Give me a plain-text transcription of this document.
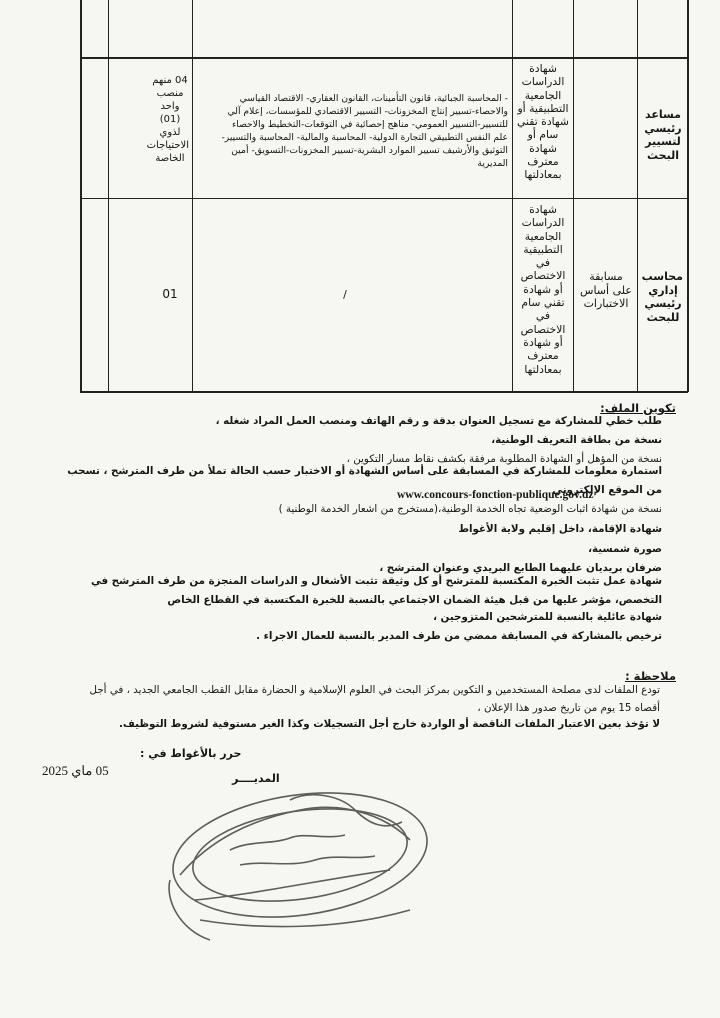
مساعد رئيسي لتسيير البحث
شهادة الدراسات الجامعية التطبيقية أو شهادة تقني سام أو شهادة معترف بمعادلتها
- المحاسبة الجبائية، قانون التأمينات، القانون العقاري- الاقتصاد القياسي والاحصاء-تسيير إنتاج المخزونات- التسيير الاقتصادي للمؤسسات، إعلام آلي للتسيير-التسيير العمومي- مناهج إحصائية في التوقعات-التخطيط والاحصاء علم النفس التطبيقي التجارة الدولية- المحاسبة والمالية- المحاسبة والتسيير-التوثيق والأرشيف تسيير الموارد البشرية-تسيير المخزونات-التسويق- أمين المديرية
04 منهم منصب واحد (01) لذوي الاحتياجات الخاصة
محاسب إداري رئيسي للبحث
مسابقة على أساس الاختبارات
شهادة الدراسات الجامعية التطبيقية في الاختصاص أو شهادة تقني سام في الاختصاص أو شهادة معترف بمعادلتها
/
01
تكوين الملف:
طلب خطي للمشاركة مع تسجيل العنوان بدقة و رقم الهاتف ومنصب العمل المراد شغله ،
نسخة من بطاقة التعريف الوطنية،
نسخة من المؤهل أو الشهادة المطلوبة مرفقة بكشف نقاط مسار التكوين ،
استمارة معلومات للمشاركة في المسابقة على أساس الشهادة أو الاختبار حسب الحالة تملأ من طرف المترشح ، تسحب من الموقع الإلكتروني
www.concours-fonction-publique.gov.dz
نسخة من شهادة اثبات الوضعية تجاه الخدمة الوطنية،(مستخرج من اشعار الخدمة الوطنية )
شهادة الإقامة، داخل إقليم ولاية الأغواط
صورة شمسية،
ضرفان بريديان عليهما الطابع البريدي وعنوان المترشح ،
شهادة عمل تثبت الخبرة المكتسبة للمترشح أو كل وثيقة تثبت الأشغال و الدراسات المنجزة من طرف المترشح في التخصص، مؤشر عليها من قبل هيئة الضمان الاجتماعي بالنسبة للخبرة المكتسبة في القطاع الخاص
شهادة عائلية بالنسبة للمترشحين المتزوجين ،
ترخيص بالمشاركة في المسابقة ممضي من طرف المدير بالنسبة للعمال الاجراء .
ملاحظة :
تودع الملفات لدى مصلحة المستخدمين و التكوين بمركز البحث في العلوم الإسلامية و الحضارة مقابل القطب الجامعي الجديد ، في أجل أقصاه 15 يوم من تاريخ صدور هذا الإعلان ،
لا تؤخذ بعين الاعتبار الملفات الناقصة أو الواردة خارج أجل التسجيلات وكذا الغير مستوفية لشروط التوظيف.
حرر بالأغواط في :
05 ماي 2025
المديــــر
